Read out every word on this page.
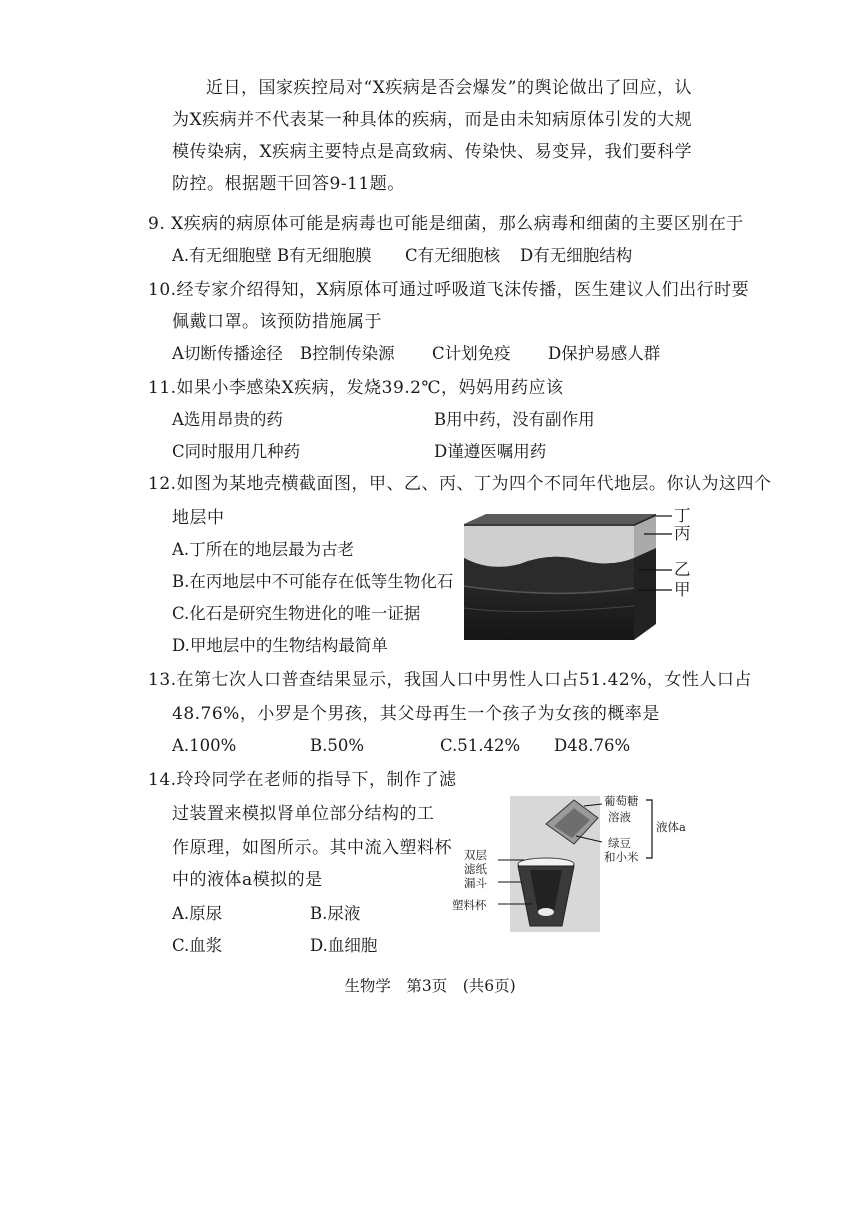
近日，国家疾控局对“X疾病是否会爆发”的舆论做出了回应，认为X疾病并不代表某一种具体的疾病，而是由未知病原体引发的大规模传染病，X疾病主要特点是高致病、传染快、易变异，我们要科学防控。根据题干回答9-11题。
9. X疾病的病原体可能是病毒也可能是细菌，那么病毒和细菌的主要区别在于
A.有无细胞壁 B有无细胞膜 C有无细胞核 D有无细胞结构
10.经专家介绍得知，X病原体可通过呼吸道飞沫传播，医生建议人们出行时要
佩戴口罩。该预防措施属于
A切断传播途径 B控制传染源 C计划免疫 D保护易感人群
11.如果小李感染X疾病，发烧39.2℃，妈妈用药应该
A选用昂贵的药	B用中药，没有副作用
C同时服用几种药	D谨遵医嘱用药
12.如图为某地壳横截面图，甲、乙、丙、丁为四个不同年代地层。你认为这四个
地层中
A.丁所在的地层最为古老
B.在丙地层中不可能存在低等生物化石
C.化石是研究生物进化的唯一证据
D.甲地层中的生物结构最简单
丁
丙
乙
甲
13.在第七次人口普查结果显示，我国人口中男性人口占51.42%，女性人口占
48.76%，小罗是个男孩，其父母再生一个孩子为女孩的概率是
A.100%	B.50%	C.51.42% D48.76%
14.玲玲同学在老师的指导下，制作了滤
过装置来模拟肾单位部分结构的工
作原理，如图所示。其中流入塑料杯
中的液体a模拟的是
A.原尿	B.尿液
C.血浆	D.血细胞
葡萄糖
溶液
液体a
绿豆
和小米
双层
滤纸
漏斗
塑料杯
生物学　第3页　(共6页)
